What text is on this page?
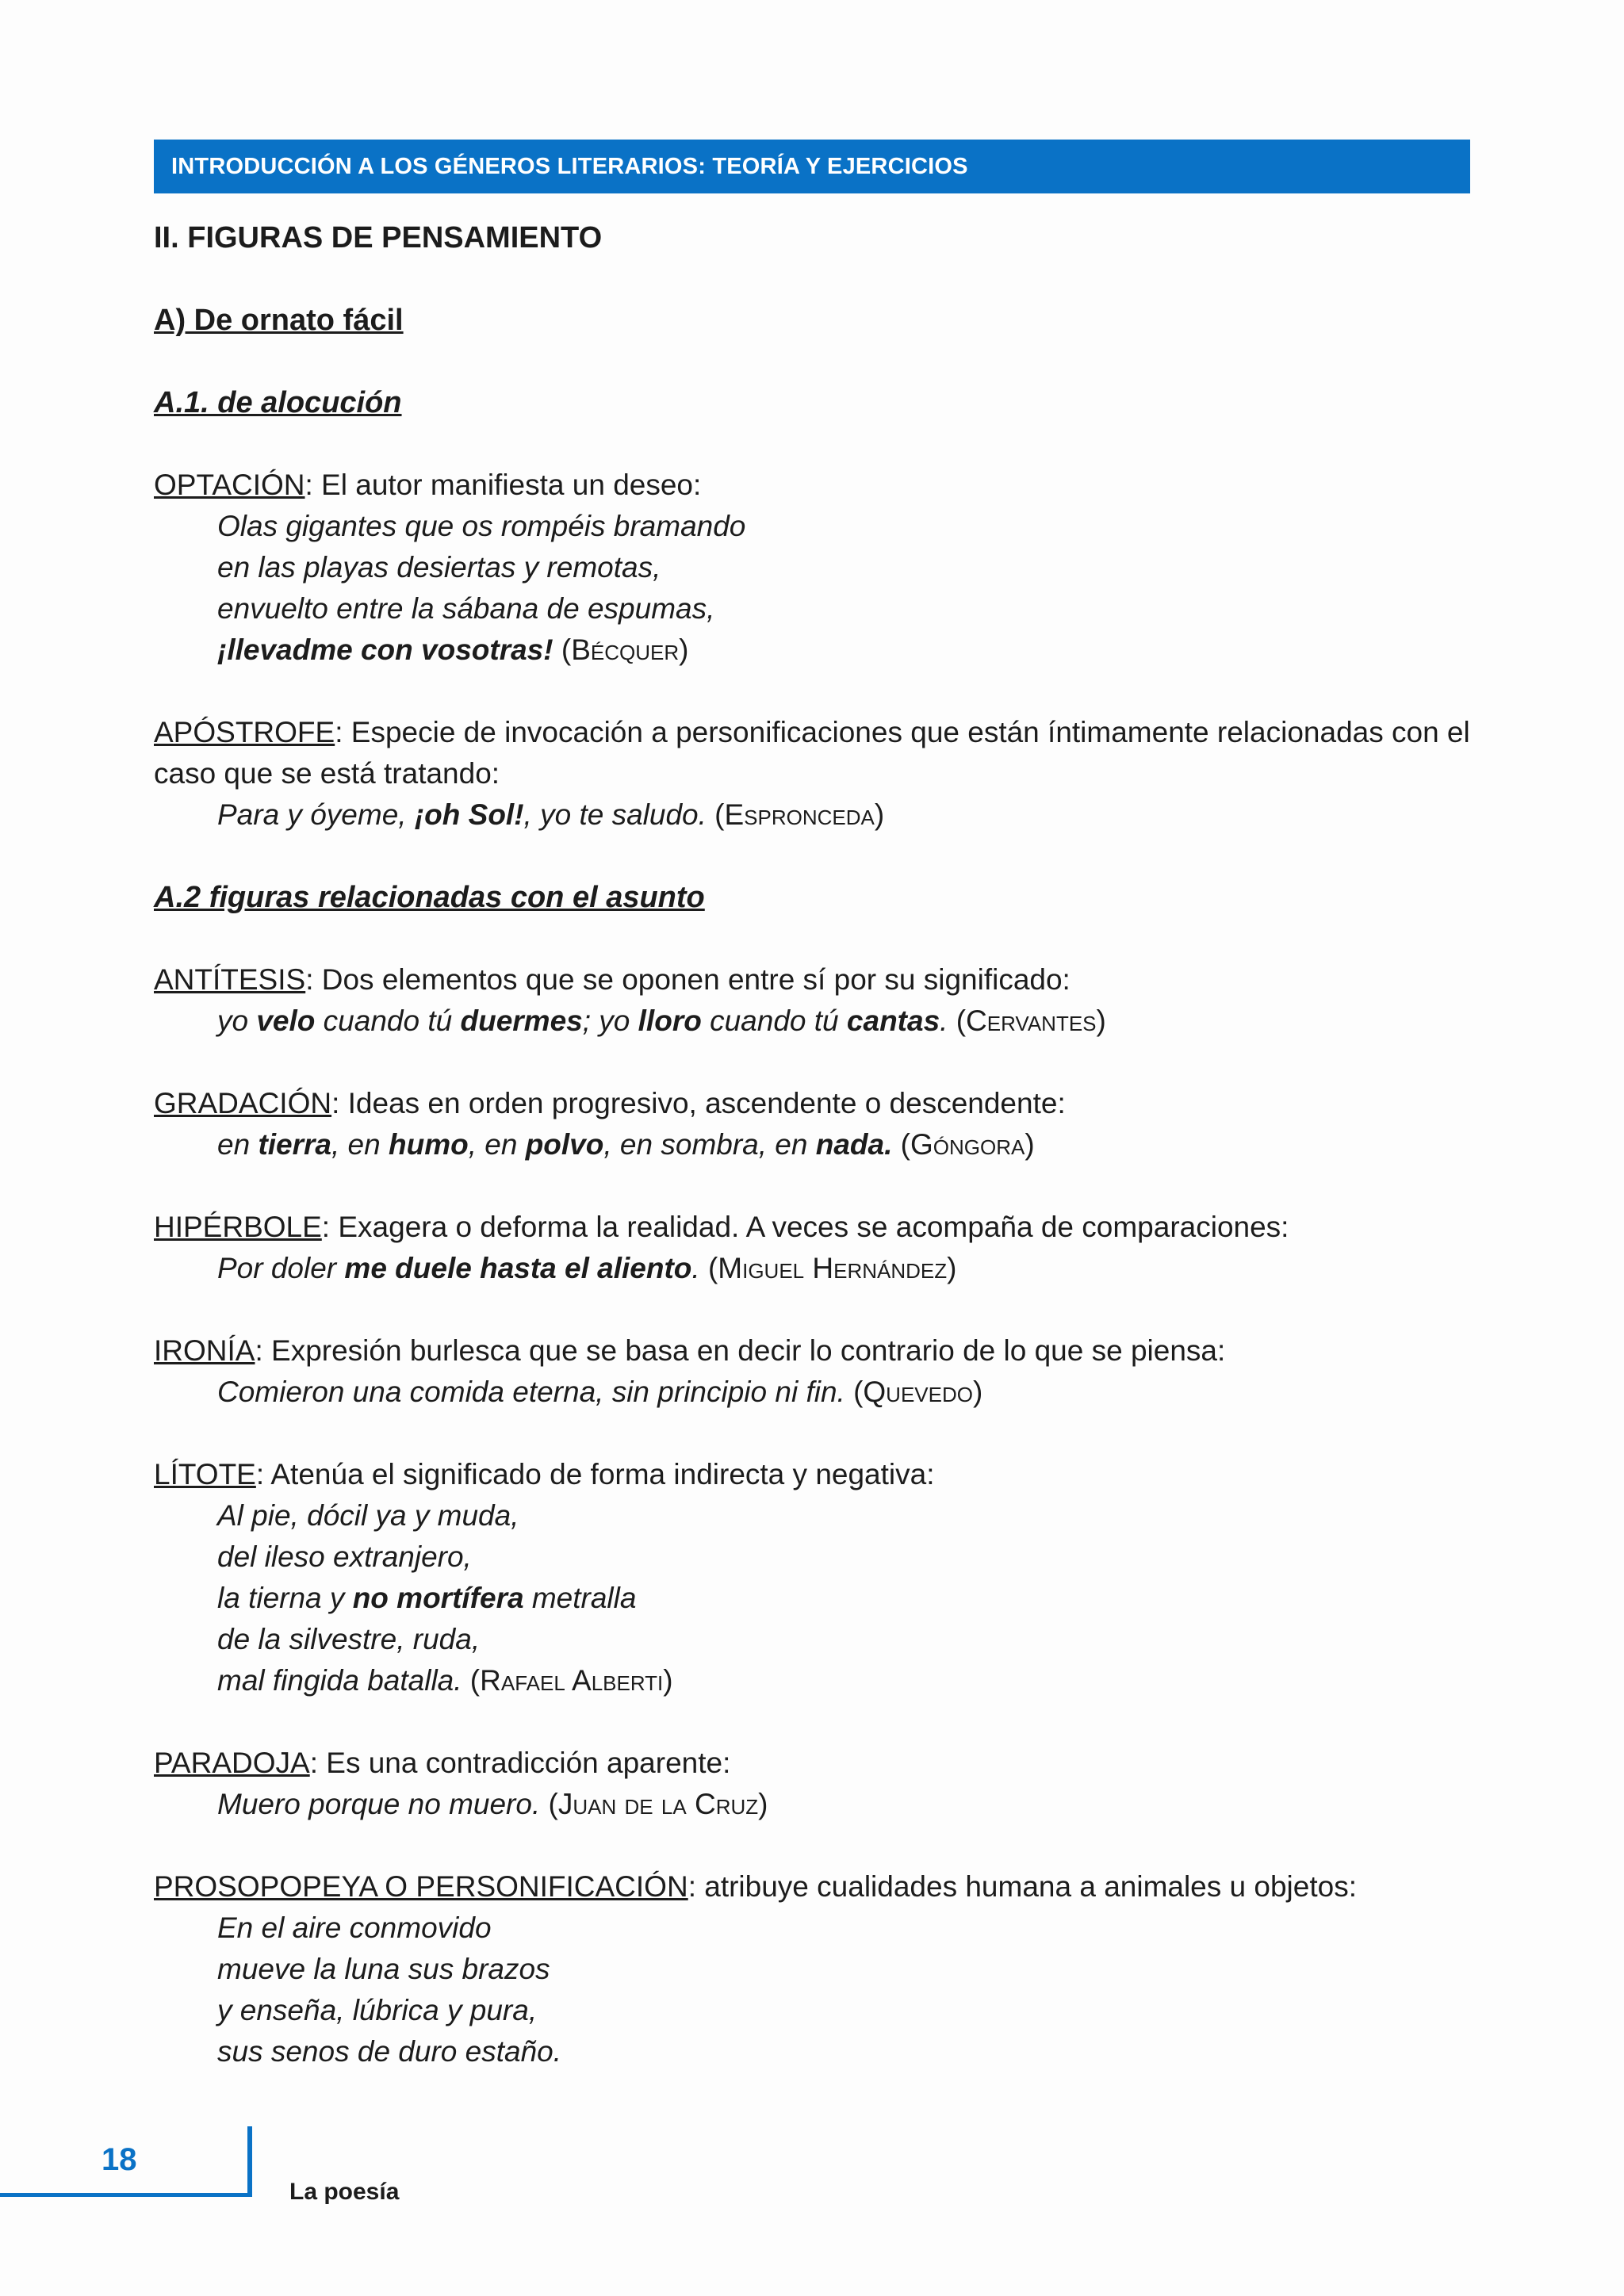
INTRODUCCIÓN A LOS GÉNEROS LITERARIOS: TEORÍA Y EJERCICIOS
II. FIGURAS DE PENSAMIENTO
A) De ornato fácil
A.1. de alocución
OPTACIÓN: El autor manifiesta un deseo:
Olas gigantes que os rompéis bramando
en las playas desiertas y remotas,
envuelto entre la sábana de espumas,
¡llevadme con vosotras! (Bécquer)
APÓSTROFE: Especie de invocación a personificaciones que están íntimamente relacionadas con el caso que se está tratando:
Para y óyeme, ¡oh Sol!, yo te saludo. (Espronceda)
A.2 figuras relacionadas con el asunto
ANTÍTESIS: Dos elementos que se oponen entre sí por su significado:
yo velo cuando tú duermes; yo lloro cuando tú cantas. (Cervantes)
GRADACIÓN: Ideas en orden progresivo, ascendente o descendente:
en tierra, en humo, en polvo, en sombra, en nada. (Góngora)
HIPÉRBOLE: Exagera o deforma la realidad. A veces se acompaña de comparaciones:
Por doler me duele hasta el aliento. (Miguel Hernández)
IRONÍA: Expresión burlesca que se basa en decir lo contrario de lo que se piensa:
Comieron una comida eterna, sin principio ni fin. (Quevedo)
LÍTOTE: Atenúa el significado de forma indirecta y negativa:
Al pie, dócil ya y muda,
del ileso extranjero,
la tierna y no mortífera metralla
de la silvestre, ruda,
mal fingida batalla. (Rafael Alberti)
PARADOJA: Es una contradicción aparente:
Muero porque no muero. (Juan de la Cruz)
PROSOPOPEYA O PERSONIFICACIÓN: atribuye cualidades humana a animales u objetos:
En el aire conmovido
mueve la luna sus brazos
y enseña, lúbrica y pura,
sus senos de duro estaño.
18
La poesía
